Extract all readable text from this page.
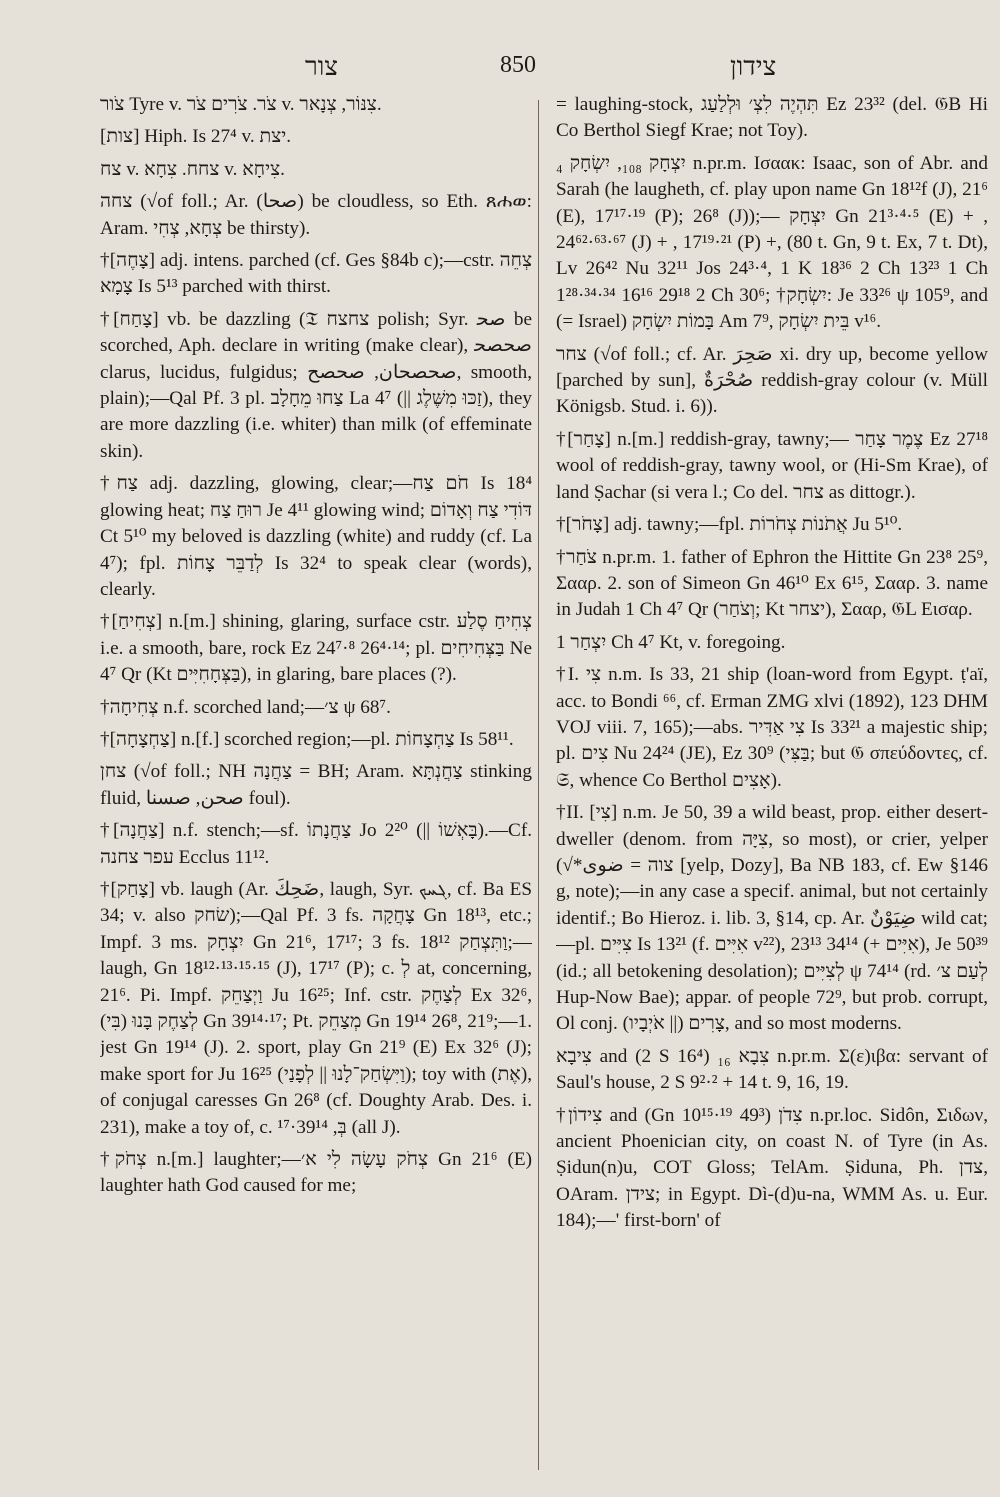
צור	850	צידון

צֹור Tyre v. צֹר. צֹרִים צֹר v. צִנּוֹר, צְנָאר.

[צות] Hiph. Is 27⁴ v. יצת.

צח v. צחח. צִחָא v. צִיחָא.

צחה (√of foll.; Ar. (ﺻﺤﺎ) be cloudless, so Eth. ጸሐወ: Aram. צְחָא, צְחִי be thirsty).

†[צָחֶה] adj. intens. parched (cf. Ges §84b c);—cstr. צְחֵה צָמָא Is 5¹³ parched with thirst.

†[צָחַח] vb. be dazzling (𝔗 צחצח polish; Syr. ﺻﺤ be scorched, Aph. declare in writing (make clear), ﺻﺤﺼﺤ clarus, lucidus, fulgidus; ﺻﺤﺼﺤﺎن, ﺻﺤﺼﺢ, smooth, plain);—Qal Pf. 3 pl. צַחוּ מֵחָלָב La 4⁷ (|| זַכּוּ מִשֶּׁלֶג), they are more dazzling (i.e. whiter) than milk (of effeminate skin).

†צַח adj. dazzling, glowing, clear;—חֹם צַח Is 18⁴ glowing heat; רוּחַ צַח Je 4¹¹ glowing wind; דּוֹדִי צַח וְאָדוֹם Ct 5¹⁰ my beloved is dazzling (white) and ruddy (cf. La 4⁷); fpl. לְדַבֵּר צָחוֹת Is 32⁴ to speak clear (words), clearly.

†[צְחִיחַ] n.[m.] shining, glaring, surface cstr. צְחִיחַ סֶלַע i.e. a smooth, bare, rock Ez 24⁷·⁸ 26⁴·¹⁴; pl. בַּצְּחִיחִים Ne 4⁷ Qr (Kt בַּצְּחָחִיִּים), in glaring, bare places (?).

†צְחִיחָה n.f. scorched land;—צ׳ ψ 68⁷.

†[צַחְצָחָה] n.[f.] scorched region;—pl. צַחְצָחוֹת Is 58¹¹.

צחן (√of foll.; NH צַחֲנָה = BH; Aram. צַחֲנְתָּא stinking fluid, ﺻﺤﻦ, ﺻﺴﻨﺎ foul).

†[צַחֲנָה] n.f. stench;—sf. צַחֲנָתוֹ Jo 2²⁰ (|| בָּאְשׁוֹ).—Cf. עפר צחנה Ecclus 11¹².

†[צָחַק] vb. laugh (Ar. ضَحِكَ, laugh, Syr. ܓܚܟ, cf. Ba ES 34; v. also שׂחק);—Qal Pf. 3 fs. צָחֲקָה Gn 18¹³, etc.; Impf. 3 ms. יִצְחָק Gn 21⁶, 17¹⁷; 3 fs. וַתִּצְחַק 18¹²;—laugh, Gn 18¹²·¹³·¹⁵·¹⁵ (J), 17¹⁷ (P); c. לְ at, concerning, 21⁶. Pi. Impf. וַיְצַחֵק Ju 16²⁵; Inf. cstr. לְצַחֶק Ex 32⁶, לְצַחֶק בָּנוּ (בִּי) Gn 39¹⁴·¹⁷; Pt. מְצַחֵק Gn 19¹⁴ 26⁸, 21⁹;—1. jest Gn 19¹⁴ (J). 2. sport, play Gn 21⁹ (E) Ex 32⁶ (J); make sport for Ju 16²⁵ (וַיִּשְׂחַק־לָנוּ || לְפָנַי); toy with (אֶת), of conjugal caresses Gn 26⁸ (cf. Doughty Arab. Des. i. 231), make a toy of, c. בְּ, 39¹⁴·¹⁷ (all J).

†צְחֹק n.[m.] laughter;—צְחֹק עָשָׂה לִי א׳ Gn 21⁶ (E) laughter hath God caused for me;

= laughing-stock, תִּהְיֶה לִצְ׳ וּלְלַעַג Ez 23³² (del. 𝔊B Hi Co Berthol Siegf Krae; not Toy).

יִצְחָק ₁₀₈, יִשְׂחָק ₄ n.pr.m. Ισαακ: Isaac, son of Abr. and Sarah (he laugheth, cf. play upon name Gn 18¹²f (J), 21⁶ (E), 17¹⁷·¹⁹ (P); 26⁸ (J));— יִצְחָק Gn 21³·⁴·⁵ (E) + , 24⁶²·⁶³·⁶⁷ (J) + , 17¹⁹·²¹ (P) +, (80 t. Gn, 9 t. Ex, 7 t. Dt), Lv 26⁴² Nu 32¹¹ Jos 24³·⁴, 1 K 18³⁶ 2 Ch 13²³ 1 Ch 1²⁸·³⁴·³⁴ 16¹⁶ 29¹⁸ 2 Ch 30⁶; †יִשְׂחָק: Je 33²⁶ ψ 105⁹, and (= Israel) בָּמוֹת יִשְׂחָק Am 7⁹, בֵּית יִשְׂחָק v¹⁶.

צחר (√of foll.; cf. Ar. صَحِرَ xi. dry up, become yellow [parched by sun], صُحْرَةٌ reddish-gray colour (v. Müll Königsb. Stud. i. 6)).

†[צָחַר] n.[m.] reddish-gray, tawny;— צֶמֶר צָחַר Ez 27¹⁸ wool of reddish-gray, tawny wool, or (Hi-Sm Krae), of land Ṣachar (si vera l.; Co del. צחר as dittogr.).

†[צָחֹר] adj. tawny;—fpl. אֲתֹנוֹת צְחֹרוֹת Ju 5¹⁰.

†צֹחַר n.pr.m. 1. father of Ephron the Hittite Gn 23⁸ 25⁹, Σααρ. 2. son of Simeon Gn 46¹⁰ Ex 6¹⁵, Σααρ. 3. name in Judah 1 Ch 4⁷ Qr (וְצֹחַר; Kt יצחר), Σααρ, 𝔊L Εισαρ.

יִצְחַר 1 Ch 4⁷ Kt, v. foregoing.

†I. צִי n.m. Is 33, 21 ship (loan-word from Egypt. ṭ'aï, acc. to Bondi ⁶⁶, cf. Erman ZMG xlvi (1892), 123 DHM VOJ viii. 7, 165);—abs. צִי אַדִּיר Is 33²¹ a majestic ship; pl. צִים Nu 24²⁴ (JE), Ez 30⁹ (בַּצִּי; but 𝔊 σπεύδοντες, cf. 𝔖, whence Co Berthol אָצִים).

†II. [צִי] n.m. Je 50, 39 a wild beast, prop. either desert-dweller (denom. from צִיָּה, so most), or crier, yelper (√*צוה = ضوى [yelp, Dozy], Ba NB 183, cf. Ew §146 g, note);—in any case a specif. animal, but not certainly identif.; Bo Hieroz. i. lib. 3, §14, cp. Ar. ضِيَوْنٌ wild cat;—pl. צִיִּים Is 13²¹ (f. אִיִּים v²²), 23¹³ 34¹⁴ (+ אִיִּים), Je 50³⁹ (id.; all betokening desolation); לְצִיִּים ψ 74¹⁴ (rd. לְעַם צ׳ Hup-Now Bae); appar. of people 72⁹, but prob. corrupt, Ol conj. צָרִים (|| אֹיְבָיו), and so most moderns.

צִיבָא and (2 S 16⁴) צִבָא ₁₆ n.pr.m. Σ(ε)ιβα: servant of Saul's house, 2 S 9²·² + 14 t. 9, 16, 19.

†צִידוֹן and (Gn 10¹⁵·¹⁹ 49³) צִדֹן n.pr.loc. Sidôn, Σιδων, ancient Phoenician city, on coast N. of Tyre (in As. Ṣidun(n)u, COT Gloss; TelAm. Ṣiduna, Ph. צדן, OAram. צידן; in Egypt. Dì-(d)u-na, WMM As. u. Eur. 184);—' first-born' of
